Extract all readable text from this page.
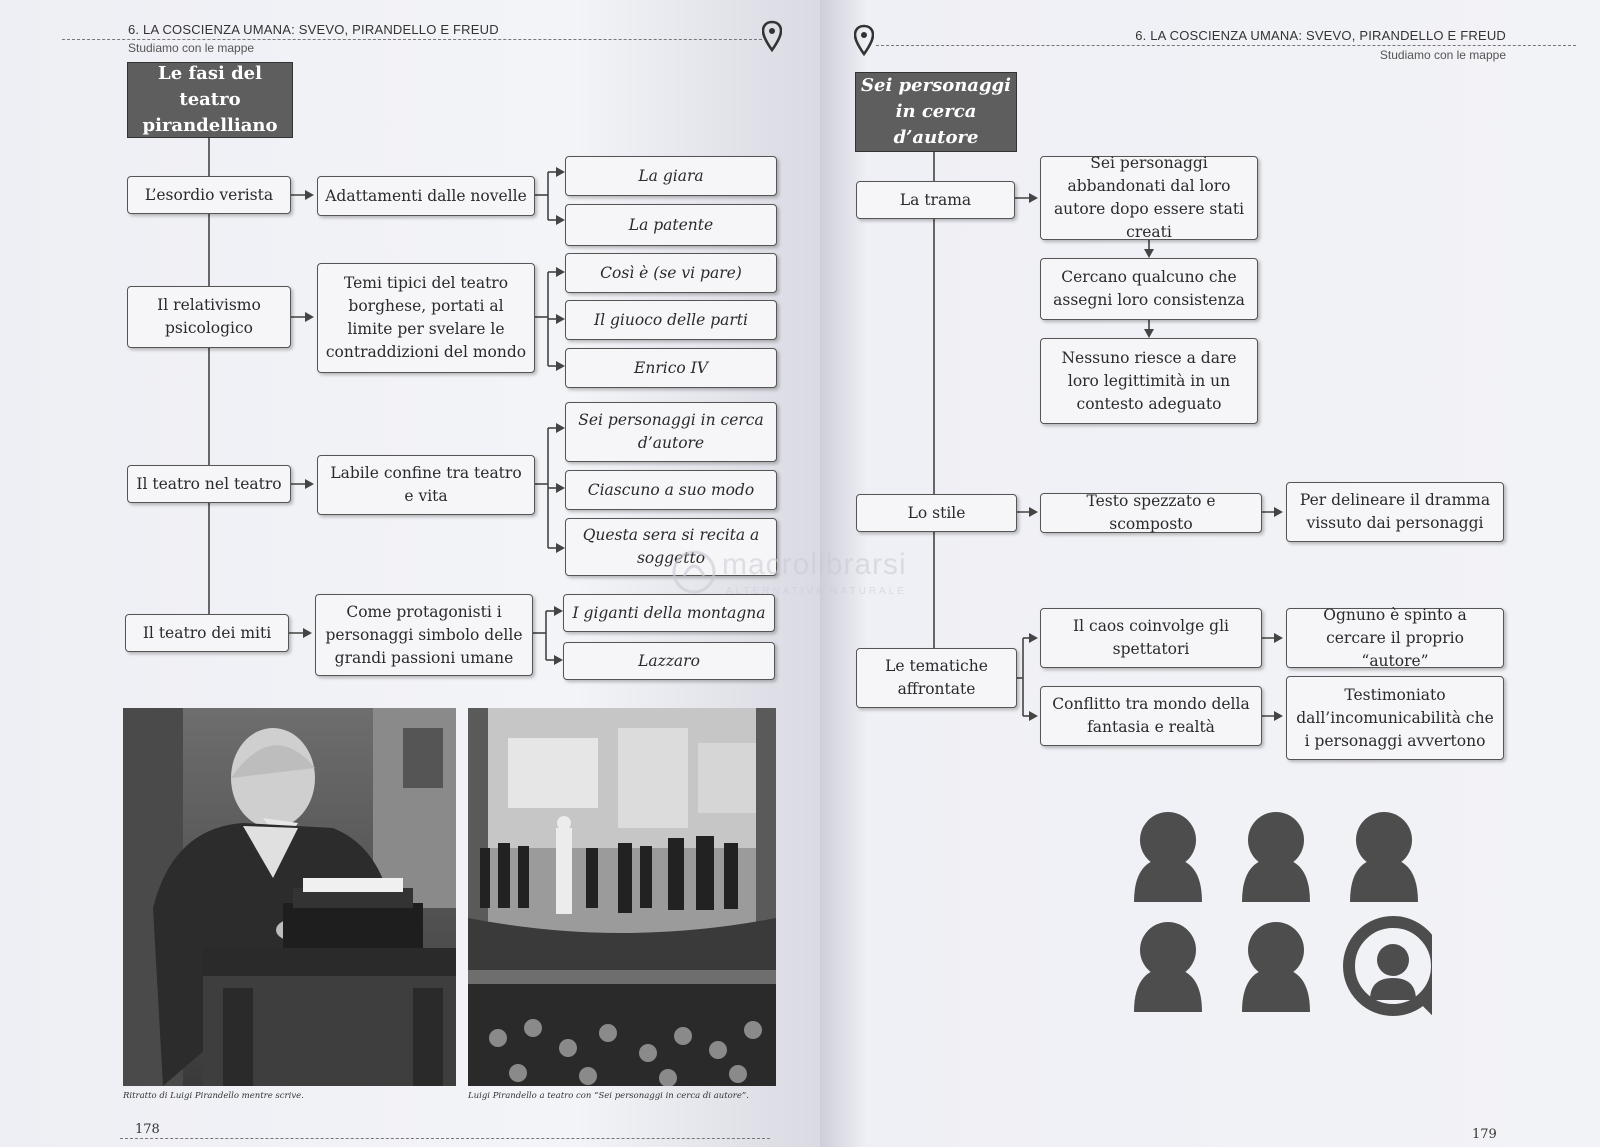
6. LA COSCIENZA UMANA: SVEVO, PIRANDELLO E FREUD
Studiamo con le mappe
Le fasi del teatro pirandelliano
L’esordio verista	Adattamenti dalle novelle
La giara
La patente
Il relativismo psicologico
Temi tipici del teatro borghese, portati al limite per svelare le contraddizioni del mondo
Così è (se vi pare)
Il giuoco delle parti
Enrico IV
Il teatro nel teatro
Labile confine tra teatro e vita
Sei personaggi in cerca d’autore
Ciascuno a suo modo
Questa sera si recita a soggetto
Il teatro dei miti
Come protagonisti i personaggi simbolo delle grandi passioni umane
I giganti della montagna
Lazzaro
Ritratto di Luigi Pirandello mentre scrive.	Luigi Pirandello a teatro con “Sei personaggi in cerca di autore”.
178
6. LA COSCIENZA UMANA: SVEVO, PIRANDELLO E FREUD
Studiamo con le mappe
Sei personaggi in cerca d’autore
La trama
Sei personaggi abbandonati dal loro autore dopo essere stati creati
Cercano qualcuno che assegni loro consistenza
Nessuno riesce a dare loro legittimità in un contesto adeguato
Lo stile
Testo spezzato e scomposto
Per delineare il dramma vissuto dai personaggi
Le tematiche affrontate
Il caos coinvolge gli spettatori
Ognuno è spinto a cercare il proprio “autore”
Conflitto tra mondo della fantasia e realtà
Testimoniato dall’incomunicabilità che i personaggi avvertono
179
macrolibrarsi
ALTERNATIVA NATURALE
